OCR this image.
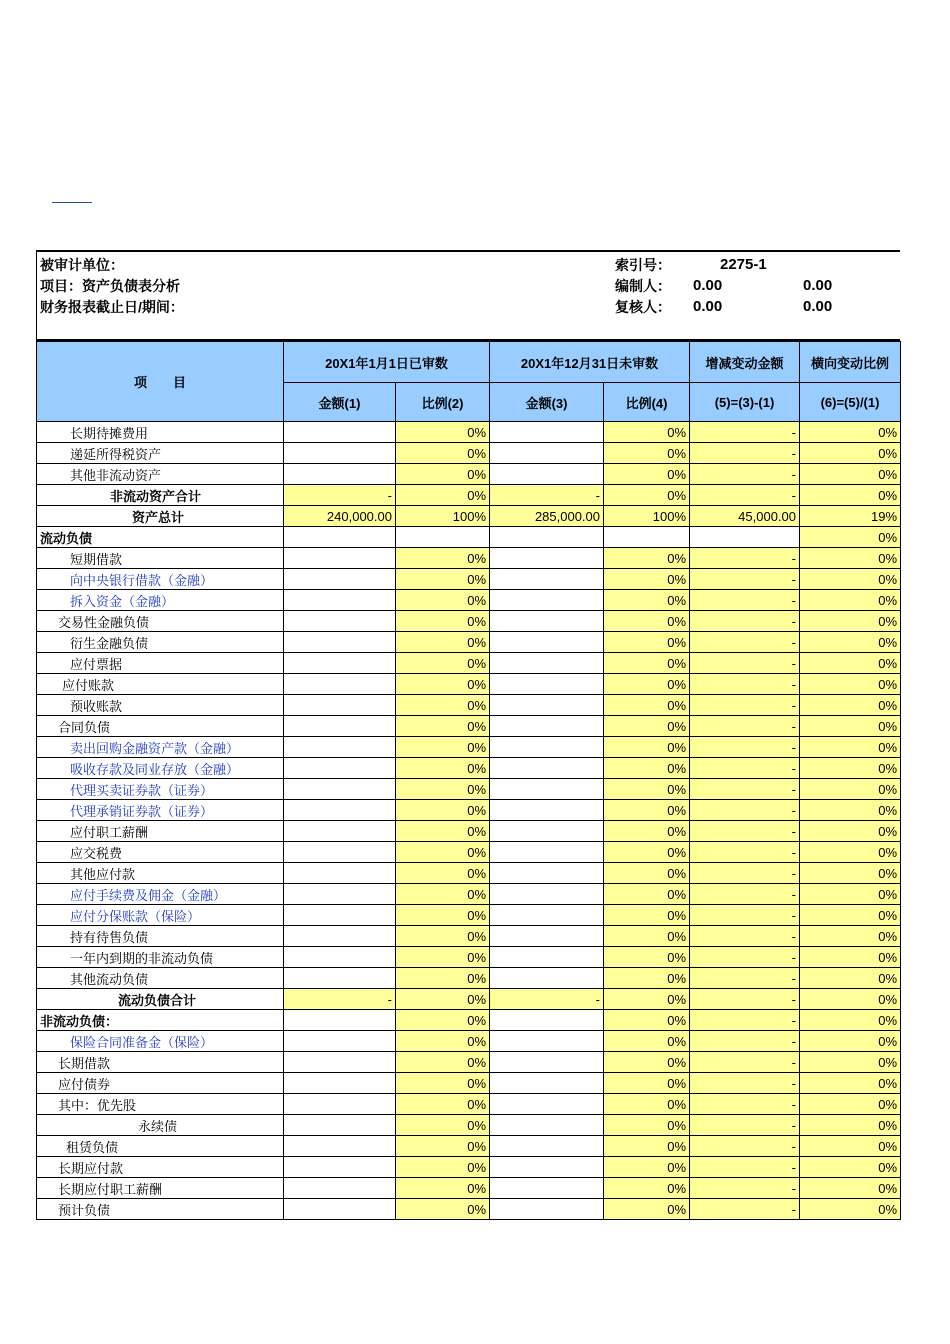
被审计单位：
项目：资产负债表分析
财务报表截止日/期间：
索引号：	2275-1
编制人： 0.00	0.00
复核人： 0.00	0.00
项　　目	20X1年1月1日已审数		20X1年12月31日未审数		增减变动金额	横向变动比例
	金额(1)	比例(2)	金额(3)	比例(4)	(5)=(3)-(1)	(6)=(5)/(1)
长期待摊费用		0%		0%	-	0%
递延所得税资产		0%		0%	-	0%
其他非流动资产		0%		0%	-	0%
非流动资产合计	-	0%	-	0%	-	0%
资产总计	240,000.00	100%	285,000.00	100%	45,000.00	19%
流动负债						0%
短期借款		0%		0%	-	0%
向中央银行借款（金融）		0%		0%	-	0%
拆入资金（金融）		0%		0%	-	0%
交易性金融负债		0%		0%	-	0%
衍生金融负债		0%		0%	-	0%
应付票据		0%		0%	-	0%
应付账款		0%		0%	-	0%
预收账款		0%		0%	-	0%
合同负债		0%		0%	-	0%
卖出回购金融资产款（金融）		0%		0%	-	0%
吸收存款及同业存放（金融）		0%		0%	-	0%
代理买卖证券款（证券）		0%		0%	-	0%
代理承销证券款（证券）		0%		0%	-	0%
应付职工薪酬		0%		0%	-	0%
应交税费		0%		0%	-	0%
其他应付款		0%		0%	-	0%
应付手续费及佣金（金融）		0%		0%	-	0%
应付分保账款（保险）		0%		0%	-	0%
持有待售负债		0%		0%	-	0%
一年内到期的非流动负债		0%		0%	-	0%
其他流动负债		0%		0%	-	0%
流动负债合计	-	0%	-	0%	-	0%
非流动负债：		0%		0%	-	0%
保险合同准备金（保险）		0%		0%	-	0%
长期借款		0%		0%	-	0%
应付债券		0%		0%	-	0%
其中：优先股		0%		0%	-	0%
永续债		0%		0%	-	0%
租赁负债		0%		0%	-	0%
长期应付款		0%		0%	-	0%
长期应付职工薪酬		0%		0%	-	0%
预计负债		0%		0%	-	0%
